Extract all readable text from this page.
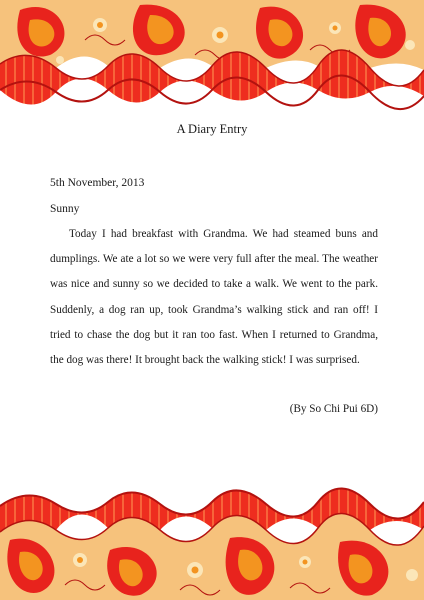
A Diary Entry
5th November, 2013
Sunny

Today I had breakfast with Grandma. We had steamed buns and dumplings. We ate a lot so we were very full after the meal. The weather was nice and sunny so we decided to take a walk. We went to the park. Suddenly, a dog ran up, took Grandma’s walking stick and ran off! I tried to chase the dog but it ran too fast. When I returned to Grandma, the dog was there! It brought back the walking stick! I was surprised.

(By So Chi Pui 6D)
